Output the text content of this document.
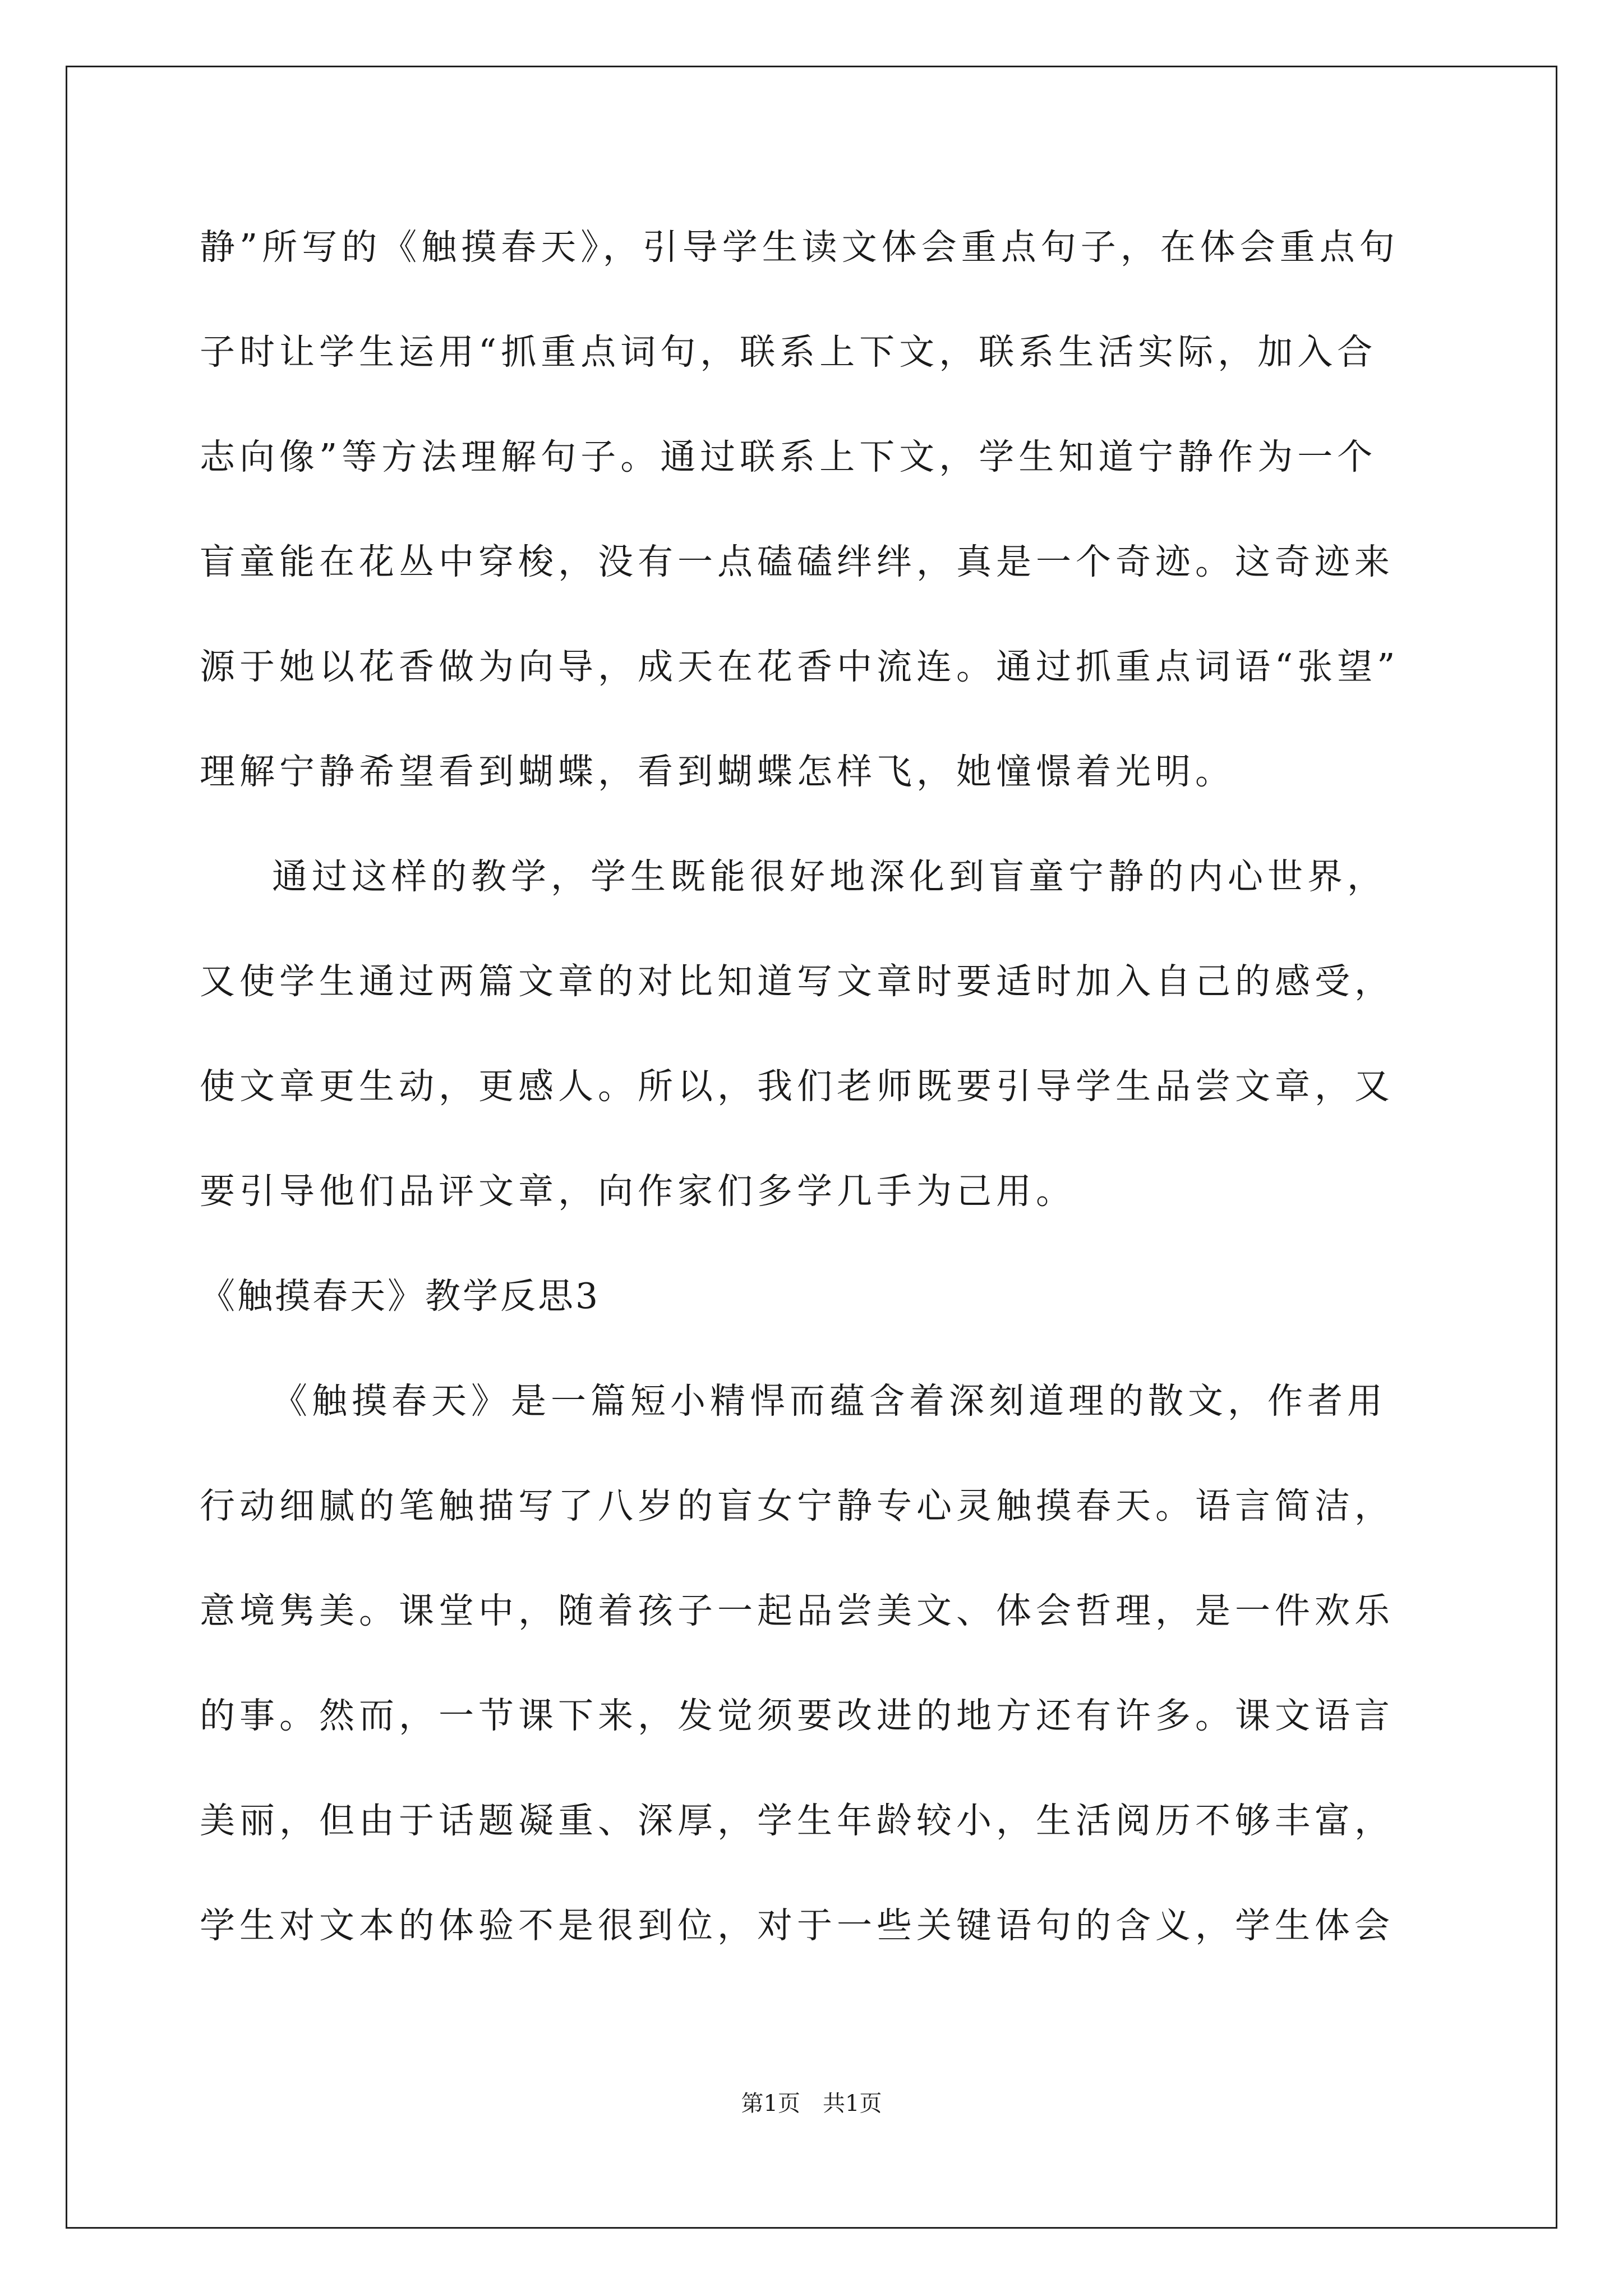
静”所写的《触摸春天》，引导学生读文体会重点句子，在体会重点句
子时让学生运用“抓重点词句，联系上下文，联系生活实际，加入合
志向像”等方法理解句子。通过联系上下文，学生知道宁静作为一个
盲童能在花丛中穿梭，没有一点磕磕绊绊，真是一个奇迹。这奇迹来
源于她以花香做为向导，成天在花香中流连。通过抓重点词语“张望”
理解宁静希望看到蝴蝶，看到蝴蝶怎样飞，她憧憬着光明。
通过这样的教学，学生既能很好地深化到盲童宁静的内心世界，
又使学生通过两篇文章的对比知道写文章时要适时加入自己的感受，
使文章更生动，更感人。所以，我们老师既要引导学生品尝文章，又
要引导他们品评文章，向作家们多学几手为己用。
《触摸春天》教学反思3
《触摸春天》是一篇短小精悍而蕴含着深刻道理的散文，作者用
行动细腻的笔触描写了八岁的盲女宁静专心灵触摸春天。语言简洁，
意境隽美。课堂中，随着孩子一起品尝美文、体会哲理，是一件欢乐
的事。然而，一节课下来，发觉须要改进的地方还有许多。课文语言
美丽，但由于话题凝重、深厚，学生年龄较小，生活阅历不够丰富，
学生对文本的体验不是很到位，对于一些关键语句的含义，学生体会
第1页 共1页
